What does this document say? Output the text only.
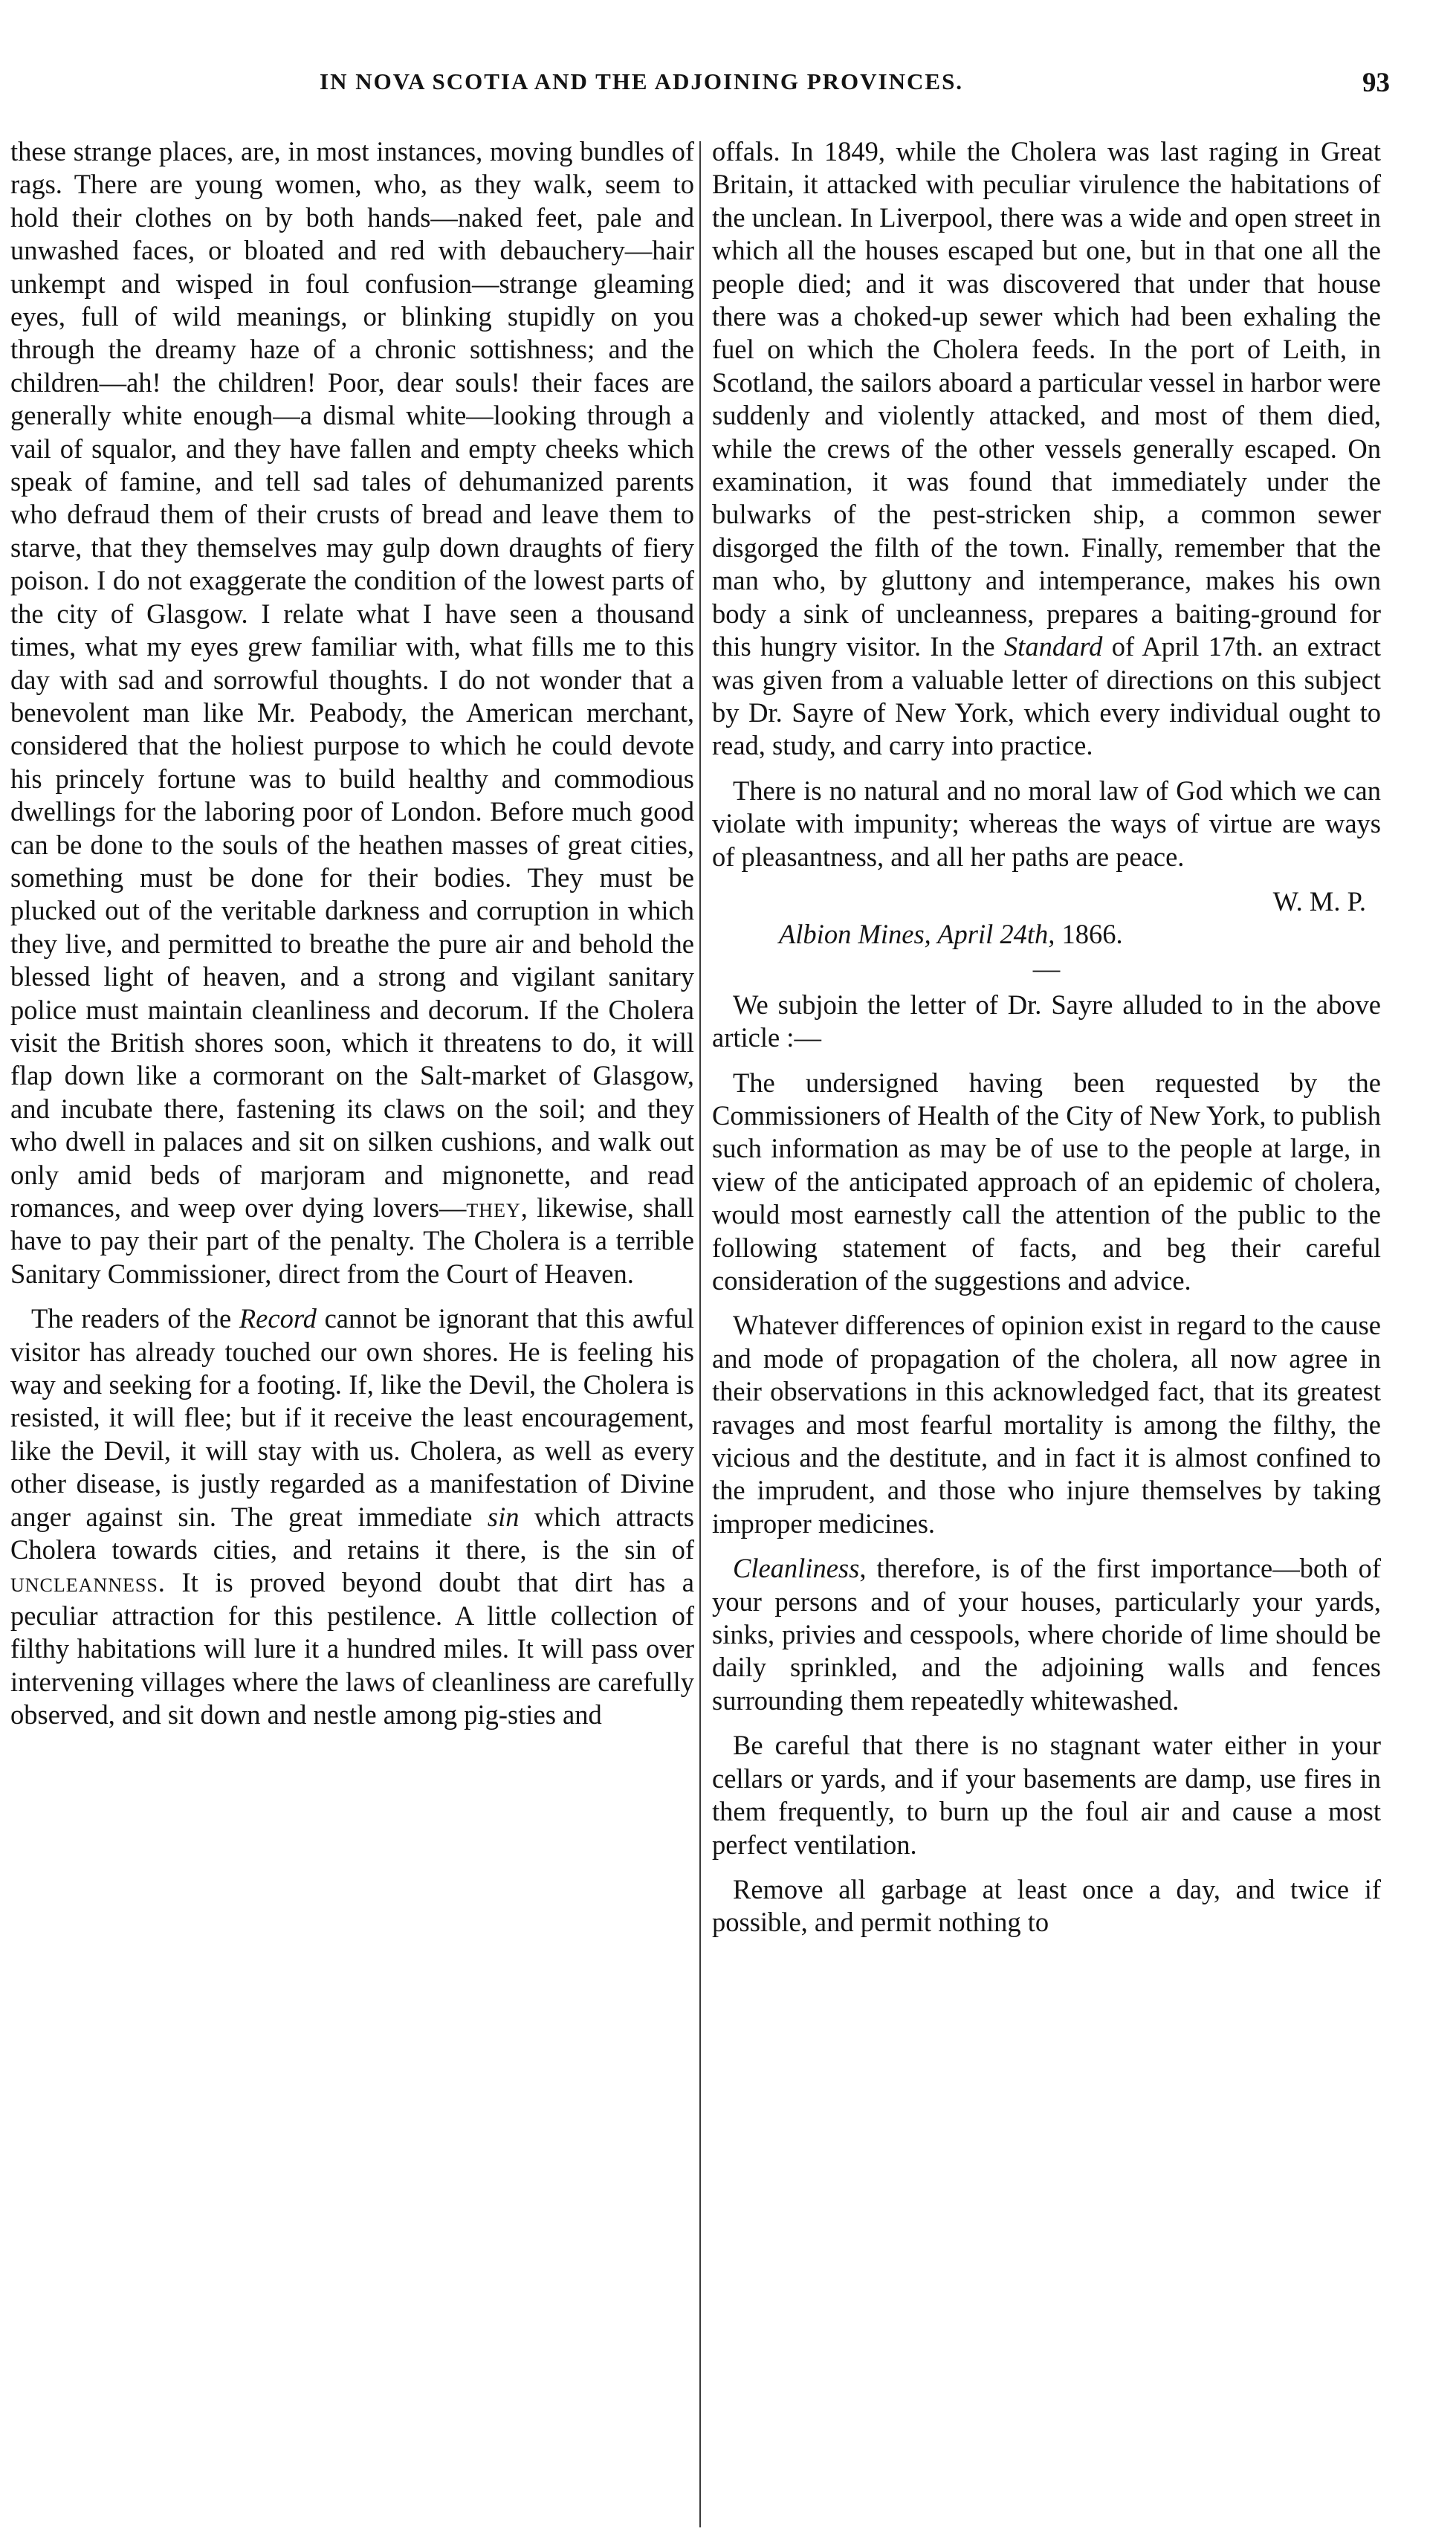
IN NOVA SCOTIA AND THE ADJOINING PROVINCES.	93

these strange places, are, in most instances, moving bundles of rags. There are young women, who, as they walk, seem to hold their clothes on by both hands—naked feet, pale and unwashed faces, or bloated and red with debauchery—hair unkempt and wisped in foul confusion—strange gleaming eyes, full of wild meanings, or blinking stupidly on you through the dreamy haze of a chronic sottishness; and the children—ah! the children! Poor, dear souls! their faces are generally white enough—a dismal white—looking through a vail of squalor, and they have fallen and empty cheeks which speak of famine, and tell sad tales of dehumanized parents who defraud them of their crusts of bread and leave them to starve, that they themselves may gulp down draughts of fiery poison. I do not exaggerate the condition of the lowest parts of the city of Glasgow. I relate what I have seen a thousand times, what my eyes grew familiar with, what fills me to this day with sad and sorrowful thoughts. I do not wonder that a benevolent man like Mr. Peabody, the American merchant, considered that the holiest purpose to which he could devote his princely fortune was to build healthy and commodious dwellings for the laboring poor of London. Before much good can be done to the souls of the heathen masses of great cities, something must be done for their bodies. They must be plucked out of the veritable darkness and corruption in which they live, and permitted to breathe the pure air and behold the blessed light of heaven, and a strong and vigilant sanitary police must maintain cleanliness and decorum. If the Cholera visit the British shores soon, which it threatens to do, it will flap down like a cormorant on the Salt-market of Glasgow, and incubate there, fastening its claws on the soil; and they who dwell in palaces and sit on silken cushions, and walk out only amid beds of marjoram and mignonette, and read romances, and weep over dying lovers—they, likewise, shall have to pay their part of the penalty. The Cholera is a terrible Sanitary Commissioner, direct from the Court of Heaven.

The readers of the Record cannot be ignorant that this awful visitor has already touched our own shores. He is feeling his way and seeking for a footing. If, like the Devil, the Cholera is resisted, it will flee; but if it receive the least encouragement, like the Devil, it will stay with us. Cholera, as well as every other disease, is justly regarded as a manifestation of Divine anger against sin. The great immediate sin which attracts Cholera towards cities, and retains it there, is the sin of uncleanness. It is proved beyond doubt that dirt has a peculiar attraction for this pestilence. A little collection of filthy habitations will lure it a hundred miles. It will pass over intervening villages where the laws of cleanliness are carefully observed, and sit down and nestle among pig-sties and

offals. In 1849, while the Cholera was last raging in Great Britain, it attacked with peculiar virulence the habitations of the unclean. In Liverpool, there was a wide and open street in which all the houses escaped but one, but in that one all the people died; and it was discovered that under that house there was a choked-up sewer which had been exhaling the fuel on which the Cholera feeds. In the port of Leith, in Scotland, the sailors aboard a particular vessel in harbor were suddenly and violently attacked, and most of them died, while the crews of the other vessels generally escaped. On examination, it was found that immediately under the bulwarks of the pest-stricken ship, a common sewer disgorged the filth of the town. Finally, remember that the man who, by gluttony and intemperance, makes his own body a sink of uncleanness, prepares a baiting-ground for this hungry visitor. In the Standard of April 17th. an extract was given from a valuable letter of directions on this subject by Dr. Sayre of New York, which every individual ought to read, study, and carry into practice.

There is no natural and no moral law of God which we can violate with impunity; whereas the ways of virtue are ways of pleasantness, and all her paths are peace.

W. M. P.

Albion Mines, April 24th, 1866.

—

We subjoin the letter of Dr. Sayre alluded to in the above article :—

The undersigned having been requested by the Commissioners of Health of the City of New York, to publish such information as may be of use to the people at large, in view of the anticipated approach of an epidemic of cholera, would most earnestly call the attention of the public to the following statement of facts, and beg their careful consideration of the suggestions and advice.

Whatever differences of opinion exist in regard to the cause and mode of propagation of the cholera, all now agree in their observations in this acknowledged fact, that its greatest ravages and most fearful mortality is among the filthy, the vicious and the destitute, and in fact it is almost confined to the imprudent, and those who injure themselves by taking improper medicines.

Cleanliness, therefore, is of the first importance—both of your persons and of your houses, particularly your yards, sinks, privies and cesspools, where choride of lime should be daily sprinkled, and the adjoining walls and fences surrounding them repeatedly whitewashed.

Be careful that there is no stagnant water either in your cellars or yards, and if your basements are damp, use fires in them frequently, to burn up the foul air and cause a most perfect ventilation.

Remove all garbage at least once a day, and twice if possible, and permit nothing to
